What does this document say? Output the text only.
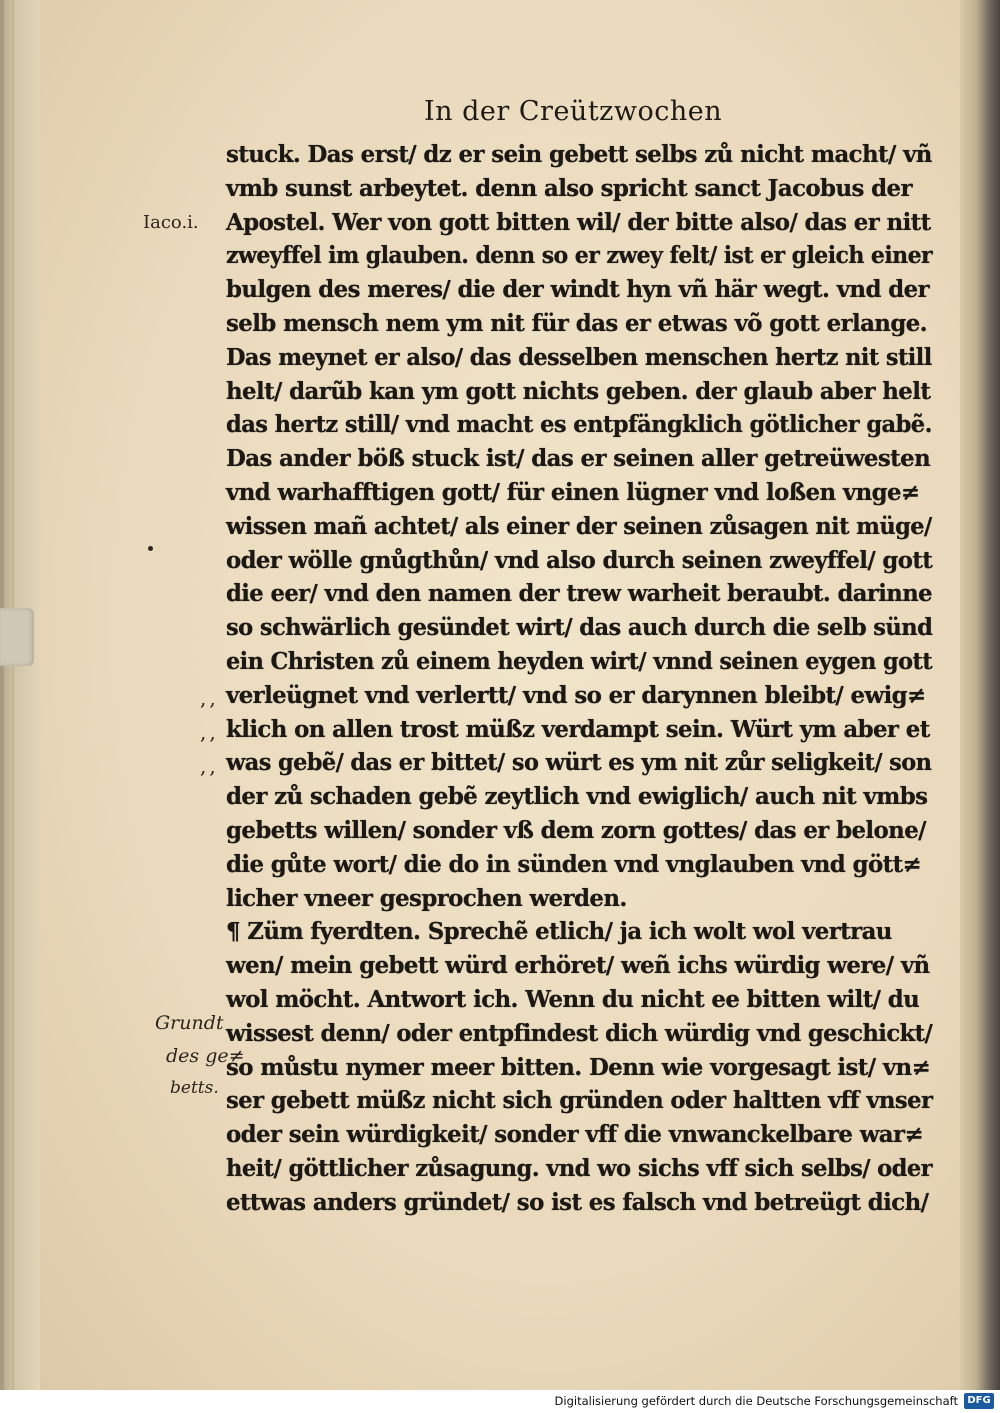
In der Creützwochen
Iaco.i.
,,
,,
,,
Grundt
des ge≠
betts.
stuck. Das erst/ dz er sein gebett selbs zů nicht macht/ vñ
vmb sunst arbeytet. denn also spricht sanct Jacobus der
Apostel. Wer von gott bitten wil/ der bitte also/ das er nitt
zweyffel im glauben. denn so er zwey felt/ ist er gleich einer
bulgen des meres/ die der windt hyn vñ här wegt. vnd der
selb mensch nem ym nit für das er etwas võ gott erlange.
Das meynet er also/ das desselben menschen hertz nit still
helt/ darũb kan ym gott nichts geben. der glaub aber helt
das hertz still/ vnd macht es entpfängklich götlicher gabẽ.
Das ander böß stuck ist/ das er seinen aller getreüwesten
vnd warhafftigen gott/ für einen lügner vnd loßen vnge≠
wissen mañ achtet/ als einer der seinen zůsagen nit müge/
oder wölle gnůgthůn/ vnd also durch seinen zweyffel/ gott
die eer/ vnd den namen der trew warheit beraubt. darinne
so schwärlich gesündet wirt/ das auch durch die selb sünd
ein Christen zů einem heyden wirt/ vnnd seinen eygen gott
verleügnet vnd verlertt/ vnd so er darynnen bleibt/ ewig≠
klich on allen trost müßz verdampt sein. Würt ym aber et
was gebẽ/ das er bittet/ so würt es ym nit zůr seligkeit/ son
der zů schaden gebẽ zeytlich vnd ewiglich/ auch nit vmbs
gebetts willen/ sonder vß dem zorn gottes/ das er belone/
die gůte wort/ die do in sünden vnd vnglauben vnd gött≠
licher vneer gesprochen werden.
¶ Züm fyerdten. Sprechẽ etlich/ ja ich wolt wol vertrau
wen/ mein gebett würd erhöret/ weñ ichs würdig were/ vñ
wol möcht. Antwort ich. Wenn du nicht ee bitten wilt/ du
wissest denn/ oder entpfindest dich würdig vnd geschickt/
so můstu nymer meer bitten. Denn wie vorgesagt ist/ vn≠
ser gebett müßz nicht sich gründen oder haltten vff vnser
oder sein würdigkeit/ sonder vff die vnwanckelbare war≠
heit/ göttlicher zůsagung. vnd wo sichs vff sich selbs/ oder
ettwas anders gründet/ so ist es falsch vnd betreügt dich/
Digitalisierung gefördert durch die Deutsche Forschungsgemeinschaft DFG
